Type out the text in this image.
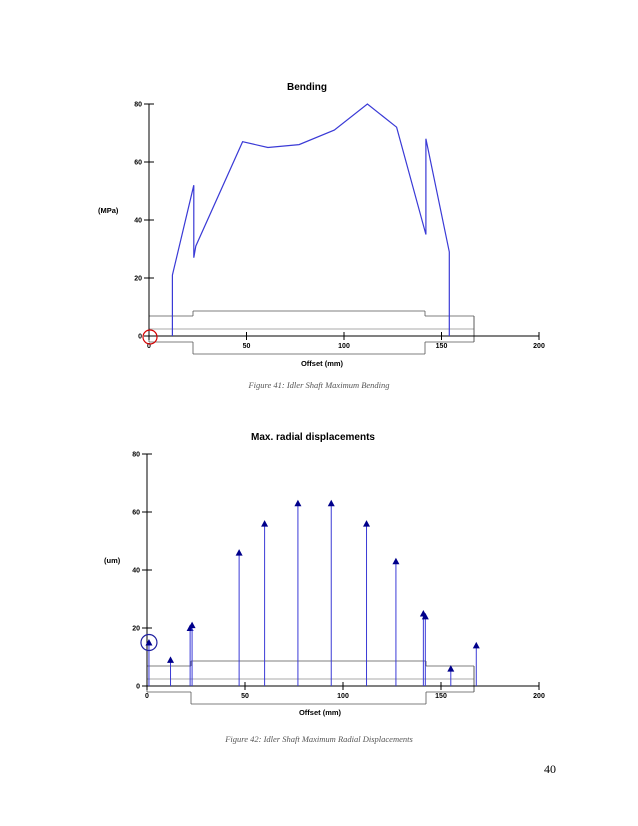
Bending
0	50	100	150	200
0
20
40
60
80
(MPa)
Offset (mm)
Max. radial displacements
0	50	100	150	200
0
20
40
60
80
(um)
Offset (mm)
Figure 41: Idler Shaft Maximum Bending
Figure 42: Idler Shaft Maximum Radial Displacements
40
